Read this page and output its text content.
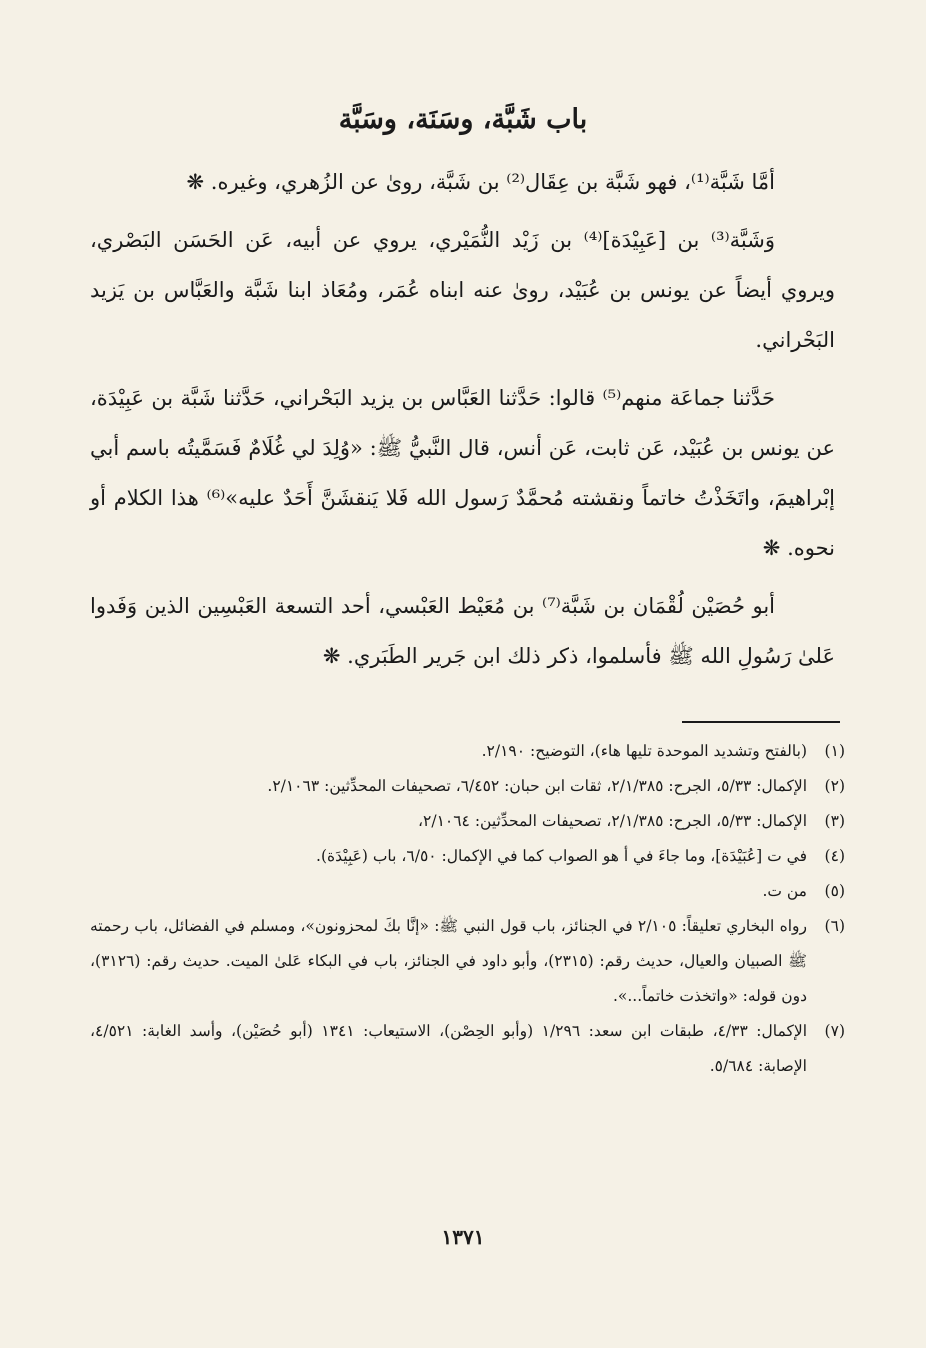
باب شَبَّة، وسَنَة، وسَبَّة

أمَّا شَبَّة⁽¹⁾، فهو شَبَّة بن عِقَال⁽²⁾ بن شَبَّة، روىٰ عن الزُهري، وغيره. ❋

وَشَبَّة⁽³⁾ بن [عَبِيْدَة]⁽⁴⁾ بن زَيْد النُّمَيْري، يروي عن أبيه، عَن الحَسَن البَصْري، ويروي أيضاً عن يونس بن عُبَيْد، روىٰ عنه ابناه عُمَر، ومُعَاذ ابنا شَبَّة والعَبَّاس بن يَزيد البَحْراني.

حَدَّثنا جماعَة منهم⁽⁵⁾ قالوا: حَدَّثنا العَبَّاس بن يزيد البَحْراني، حَدَّثنا شَبَّة بن عَبِيْدَة، عن يونس بن عُبَيْد، عَن ثابت، عَن أنس، قال النَّبيُّ ﷺ: «وُلِدَ لي غُلَامٌ فَسَمَّيتُه باسم أبي إبْراهيمَ، واتَخَذْتُ خاتماً ونقشته مُحمَّدٌ رَسول الله فَلا يَنقشَنَّ أَحَدٌ عليه»⁽⁶⁾ هذا الكلام أو نحوه. ❋

أبو حُصَيْن لُقْمَان بن شَبَّة⁽⁷⁾ بن مُعَيْط العَبْسي، أحد التسعة العَبْسِين الذين وَفَدوا عَلىٰ رَسُولِ الله ﷺ فأسلموا، ذكر ذلك ابن جَرير الطَبَري. ❋

(١)
(بالفتح وتشديد الموحدة تليها هاء)، التوضيح: ٢/١٩٠.
(٢)
الإكمال: ٥/٣٣، الجرح: ٢/١/٣٨٥، ثقات ابن حبان: ٦/٤٥٢، تصحيفات المحدِّثين: ٢/١٠٦٣.
(٣)
الإكمال: ٥/٣٣، الجرح: ٢/١/٣٨٥، تصحيفات المحدِّثين: ٢/١٠٦٤،
(٤)
في ت [عُبَيْدَة]، وما جاءَ في أ هو الصواب كما في الإكمال: ٦/٥٠، باب (عَبِيْدَة).
(٥)
من ت.
(٦)
رواه البخاري تعليقاً: ٢/١٠٥ في الجنائز، باب قول النبي ﷺ: «إنَّا بكَ لمحزونون»، ومسلم في الفضائل، باب رحمته ﷺ الصبيان والعيال، حديث رقم: (٢٣١٥)، وأبو داود في الجنائز، باب في البكاء عَلىٰ الميت. حديث رقم: (٣١٢٦)، دون قوله: «واتخذت خاتماً...».
(٧)
الإكمال: ٤/٣٣، طبقات ابن سعد: ١/٢٩٦ (وأبو الحِصْن)، الاستيعاب: ١٣٤١ (أبو حُصَيْن)، وأسد الغابة: ٤/٥٢١، الإصابة: ٥/٦٨٤.
١٣٧١
